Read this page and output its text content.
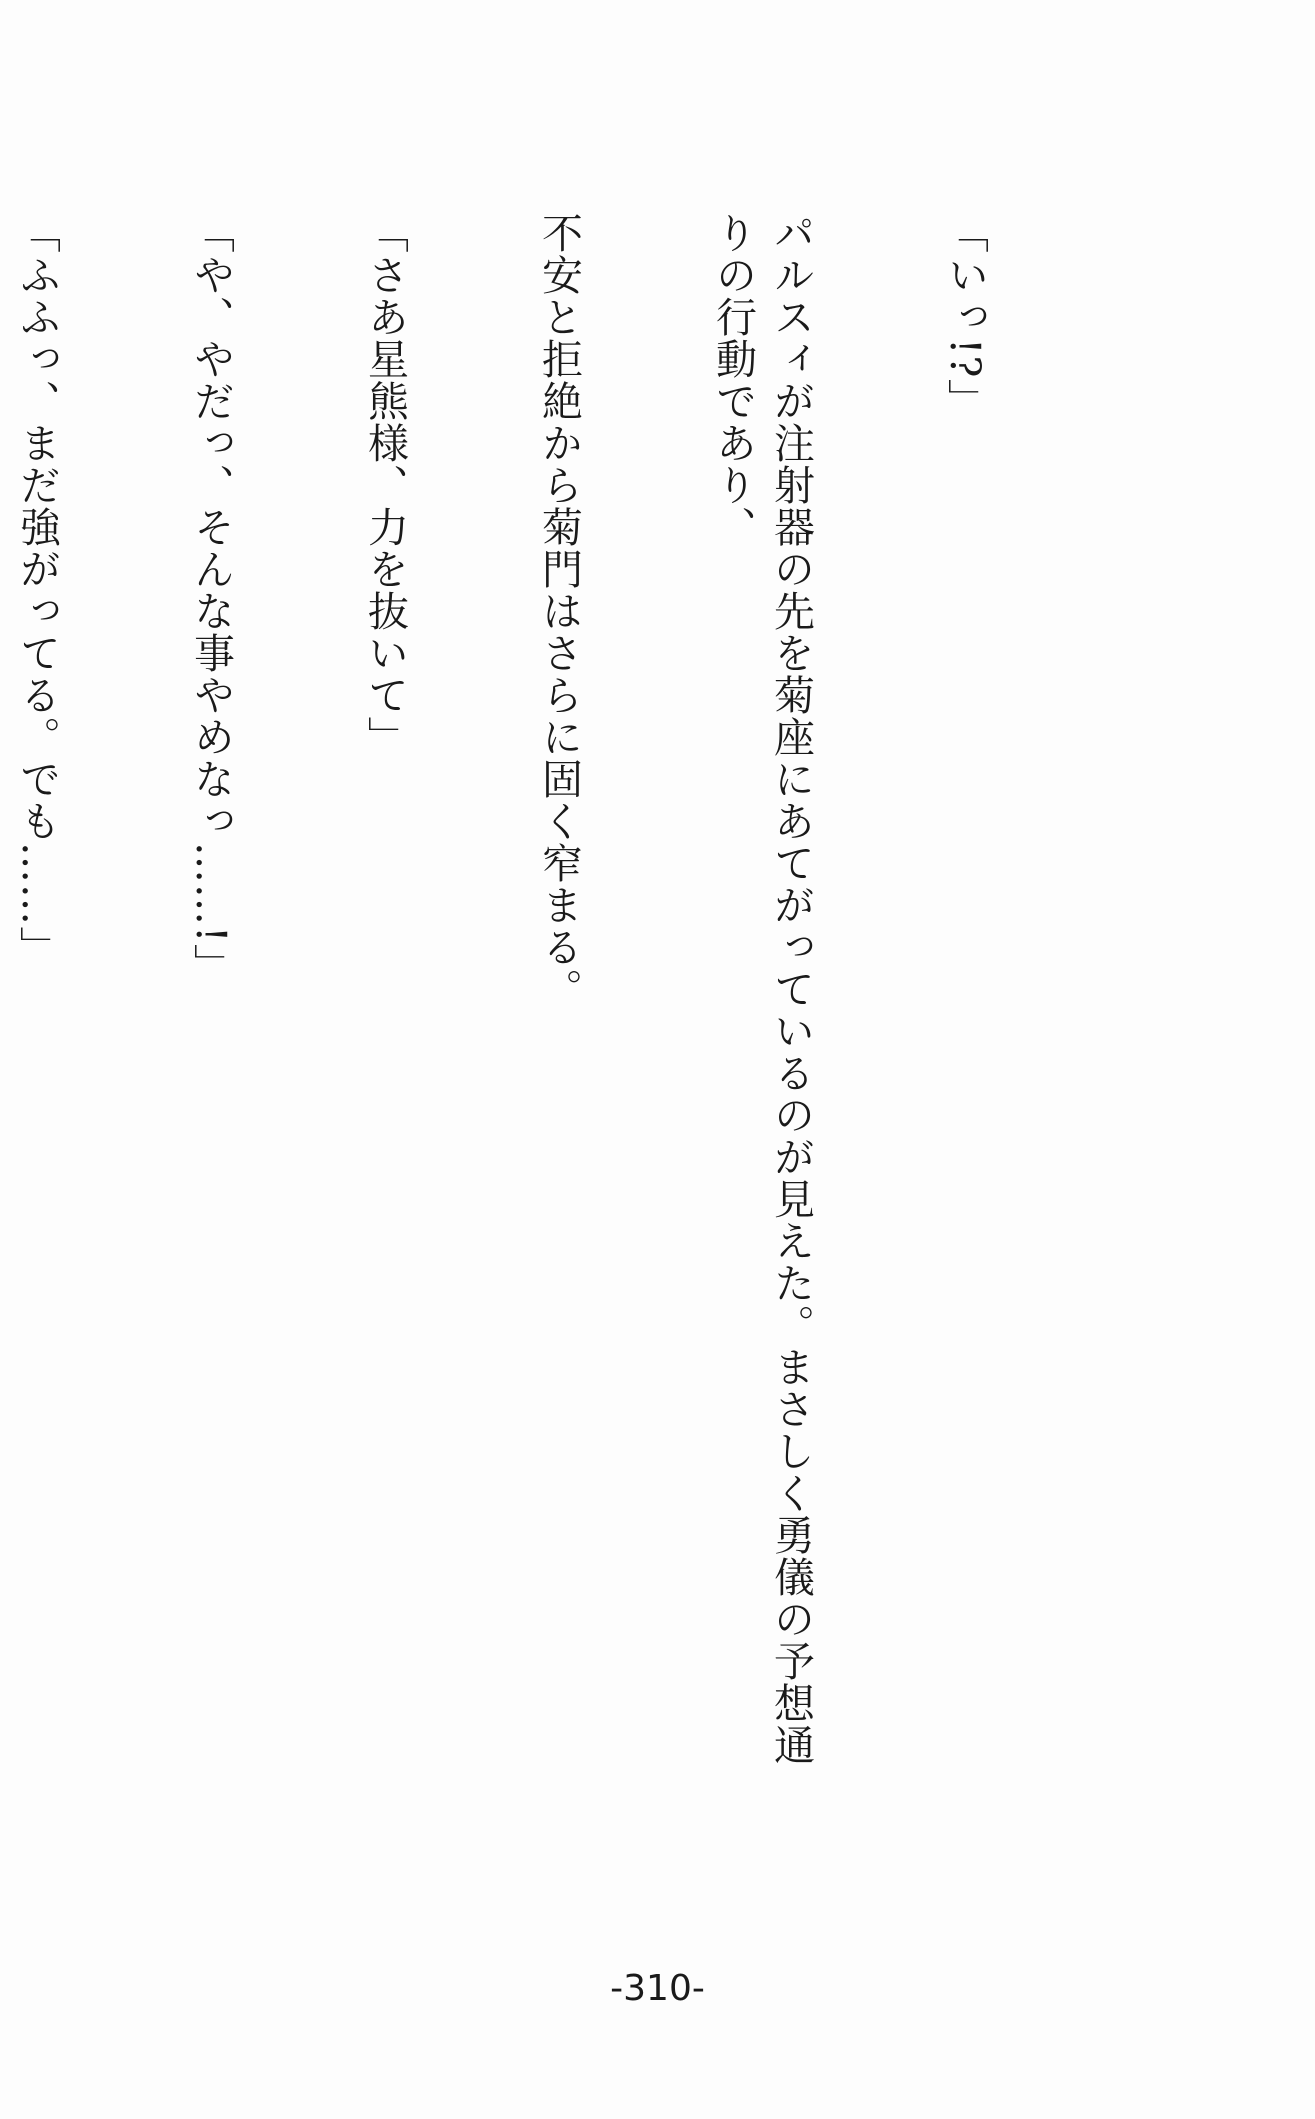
「いっ!?」

パルスィが注射器の先を菊座にあてがっているのが見えた。まさしく勇儀の予想通りの行動であり、

不安と拒絶から菊門はさらに固く窄まる。

「さあ星熊様、力を抜いて」

「や、やだっ、そんな事やめなっ……!」

「ふふっ、まだ強がってる。でも……」

-310-
